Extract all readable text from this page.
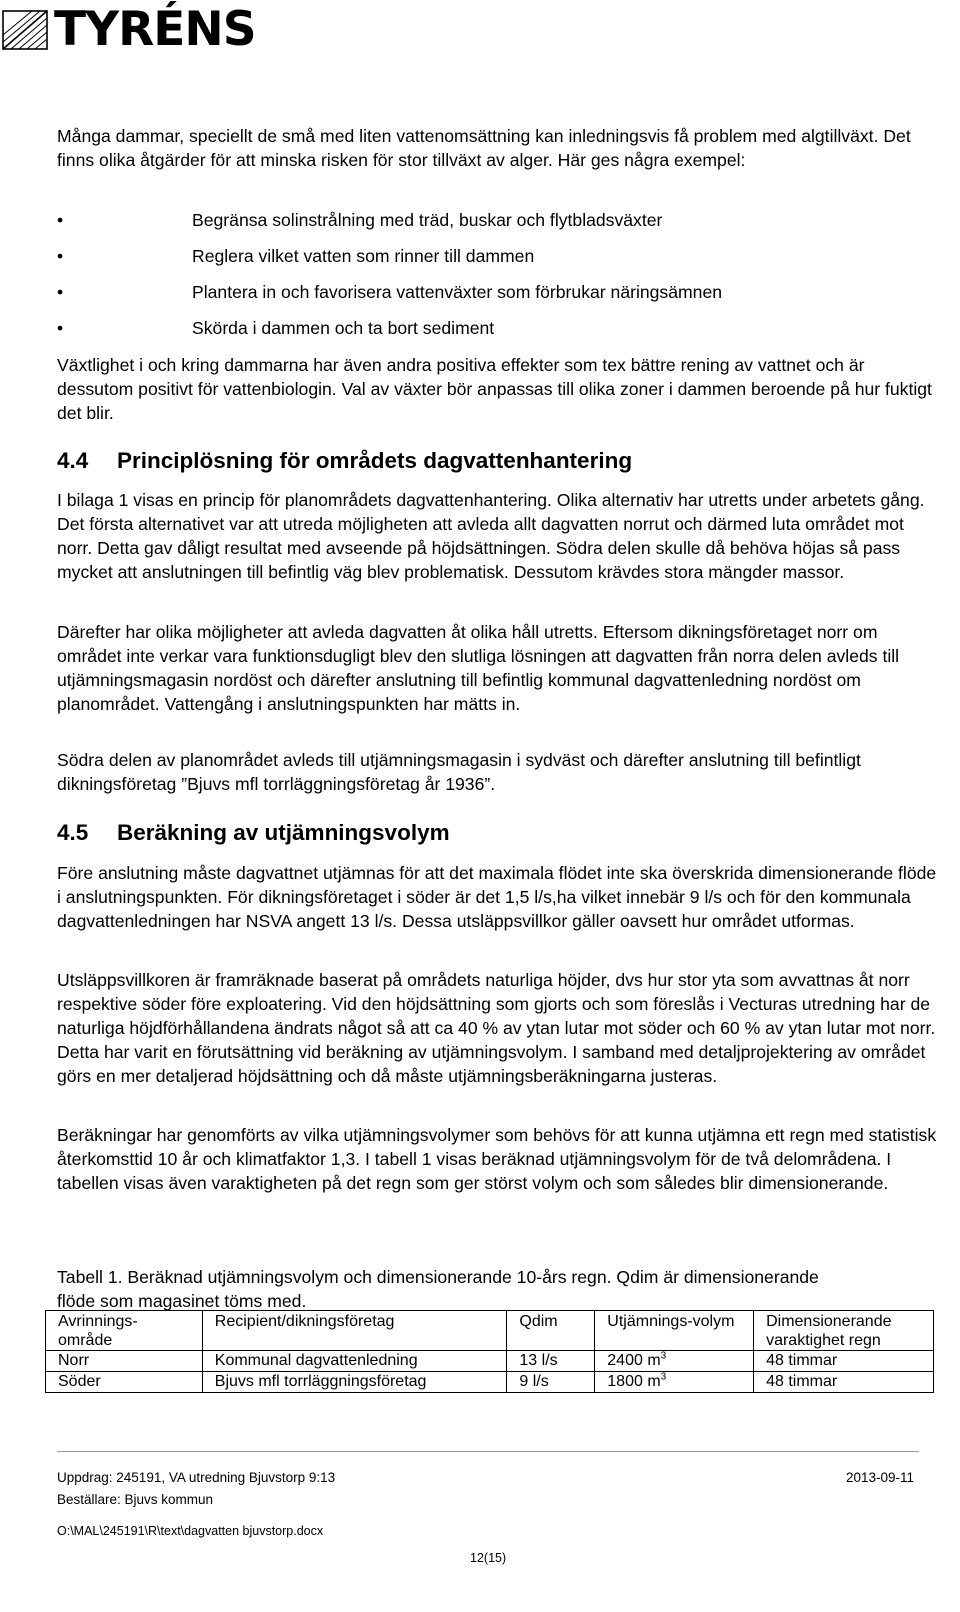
TYRÉNS

Många dammar, speciellt de små med liten vattenomsättning kan inledningsvis få problem med algtillväxt. Det finns olika åtgärder för att minska risken för stor tillväxt av alger. Här ges några exempel:

•	Begränsa solinstrålning med träd, buskar och flytbladsväxter
•	Reglera vilket vatten som rinner till dammen
•	Plantera in och favorisera vattenväxter som förbrukar näringsämnen
•	Skörda i dammen och ta bort sediment

Växtlighet i och kring dammarna har även andra positiva effekter som tex bättre rening av vattnet och är dessutom positivt för vattenbiologin. Val av växter bör anpassas till olika zoner i dammen beroende på hur fuktigt det blir.

4.4 Principlösning för områdets dagvattenhantering

I bilaga 1 visas en princip för planområdets dagvattenhantering. Olika alternativ har utretts under arbetets gång. Det första alternativet var att utreda möjligheten att avleda allt dagvatten norrut och därmed luta området mot norr. Detta gav dåligt resultat med avseende på höjdsättningen. Södra delen skulle då behöva höjas så pass mycket att anslutningen till befintlig väg blev problematisk. Dessutom krävdes stora mängder massor.

Därefter har olika möjligheter att avleda dagvatten åt olika håll utretts. Eftersom dikningsföretaget norr om området inte verkar vara funktionsdugligt blev den slutliga lösningen att dagvatten från norra delen avleds till utjämningsmagasin nordöst och därefter anslutning till befintlig kommunal dagvattenledning nordöst om planområdet. Vattengång i anslutningspunkten har mätts in.

Södra delen av planområdet avleds till utjämningsmagasin i sydväst och därefter anslutning till befintligt dikningsföretag ”Bjuvs mfl torrläggningsföretag år 1936”.

4.5 Beräkning av utjämningsvolym

Före anslutning måste dagvattnet utjämnas för att det maximala flödet inte ska överskrida dimensionerande flöde i anslutningspunkten. För dikningsföretaget i söder är det 1,5 l/s,ha vilket innebär 9 l/s och för den kommunala dagvattenledningen har NSVA angett 13 l/s. Dessa utsläppsvillkor gäller oavsett hur området utformas.

Utsläppsvillkoren är framräknade baserat på områdets naturliga höjder, dvs hur stor yta som avvattnas åt norr respektive söder före exploatering. Vid den höjdsättning som gjorts och som föreslås i Vecturas utredning har de naturliga höjdförhållandena ändrats något så att ca 40 % av ytan lutar mot söder och 60 % av ytan lutar mot norr. Detta har varit en förutsättning vid beräkning av utjämningsvolym. I samband med detaljprojektering av området görs en mer detaljerad höjdsättning och då måste utjämningsberäkningarna justeras.

Beräkningar har genomförts av vilka utjämningsvolymer som behövs för att kunna utjämna ett regn med statistisk återkomsttid 10 år och klimatfaktor 1,3. I tabell 1 visas beräknad utjämningsvolym för de två delområdena. I tabellen visas även varaktigheten på det regn som ger störst volym och som således blir dimensionerande.

Tabell 1. Beräknad utjämningsvolym och dimensionerande 10-års regn. Qdim är dimensionerande flöde som magasinet töms med.

Avrinnings-område	Recipient/dikningsföretag	Qdim	Utjämnings-volym	Dimensionerande varaktighet regn
Norr	Kommunal dagvattenledning	13 l/s	2400 $m^3$	48 timmar
Söder	Bjuvs mfl torrläggningsföretag	9 l/s	1800 $m^3$	48 timmar
Uppdrag: 245191, VA utredning Bjuvstorp 9:13	2013-09-11
Beställare: Bjuvs kommun
O:\MAL\245191\R\text\dagvatten bjuvstorp.docx
12(15)
